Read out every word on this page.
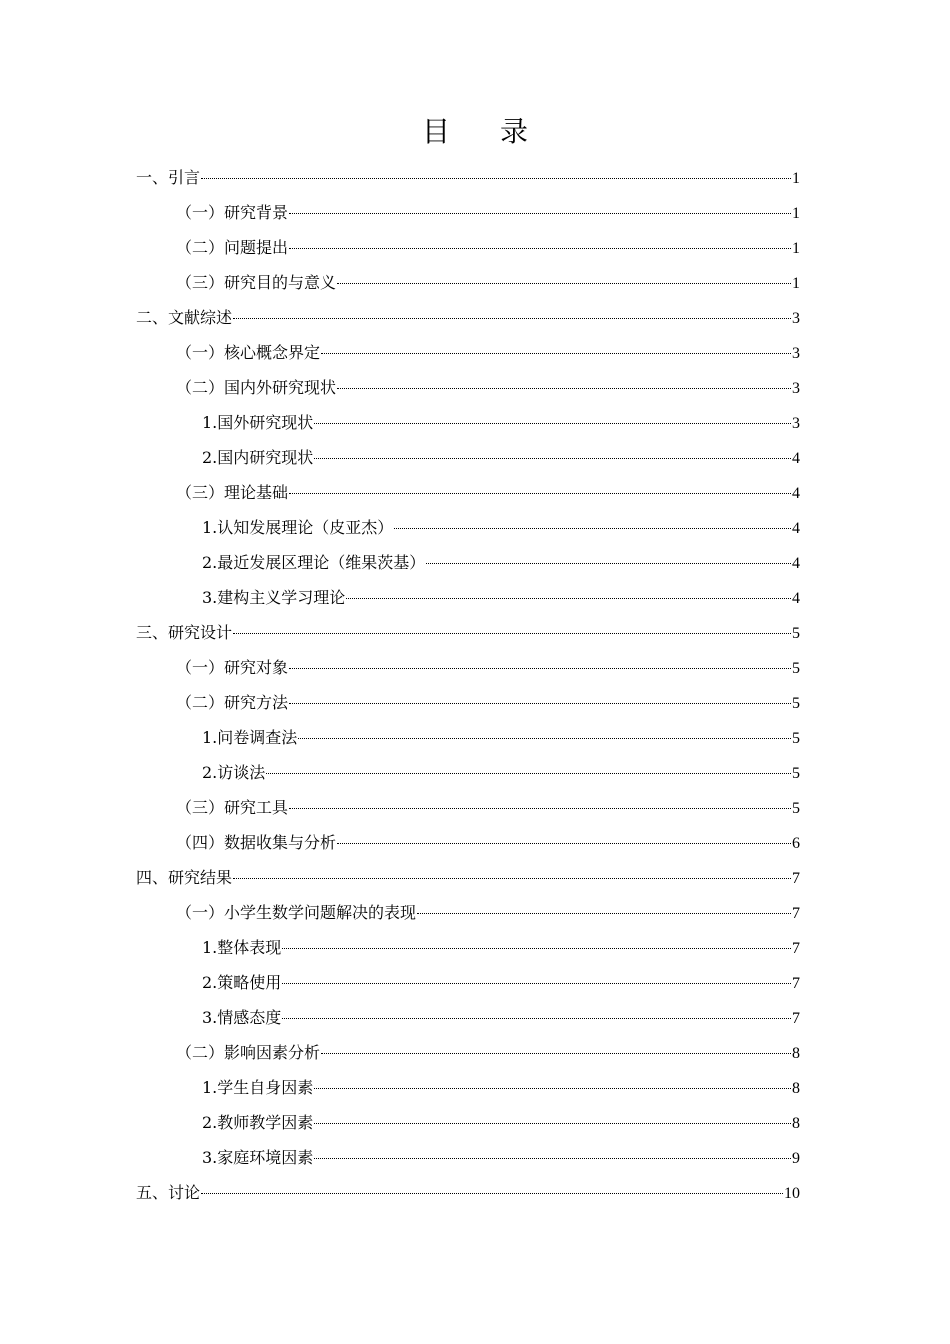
目 录
一、引言	1
（一）研究背景	1
（二）问题提出	1
（三）研究目的与意义	1
二、文献综述	3
（一）核心概念界定	3
（二）国内外研究现状	3
1.国外研究现状	3
2.国内研究现状	4
（三）理论基础	4
1.认知发展理论（皮亚杰）	4
2.最近发展区理论（维果茨基）	4
3.建构主义学习理论	4
三、研究设计	5
（一）研究对象	5
（二）研究方法	5
1.问卷调查法	5
2.访谈法	5
（三）研究工具	5
（四）数据收集与分析	6
四、研究结果	7
（一）小学生数学问题解决的表现	7
1.整体表现	7
2.策略使用	7
3.情感态度	7
（二）影响因素分析	8
1.学生自身因素	8
2.教师教学因素	8
3.家庭环境因素	9
五、讨论	10
